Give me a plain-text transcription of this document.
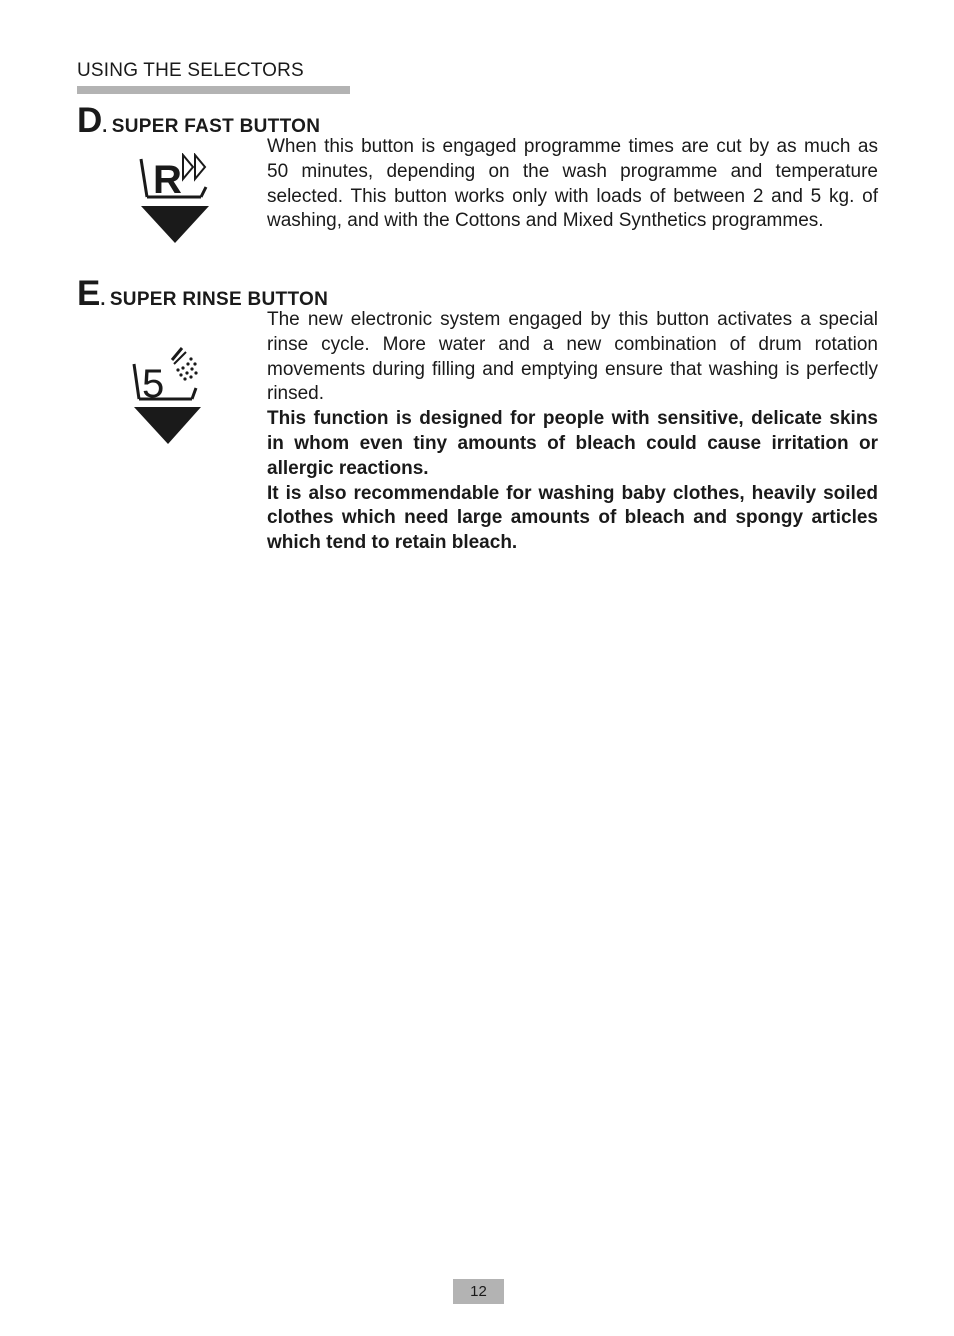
USING THE SELECTORS
D. SUPER FAST BUTTON
R

When this button is engaged programme times are cut by as much as 50 minutes, depending on the wash programme and temperature selected. This button works only with loads of between 2 and 5 kg. of washing, and with the Cottons and Mixed Synthetics programmes.

E. SUPER RINSE BUTTON
5

The new electronic system engaged by this button activates a special rinse cycle. More water and a new combination of drum rotation movements during filling and emptying ensure that washing is perfectly rinsed.

This function is designed for people with sensitive, delicate skins in whom even tiny amounts of bleach could cause irritation or allergic reactions.

It is also recommendable for washing baby clothes, heavily soiled clothes which need large amounts of bleach and spongy articles which tend to retain bleach.

12
